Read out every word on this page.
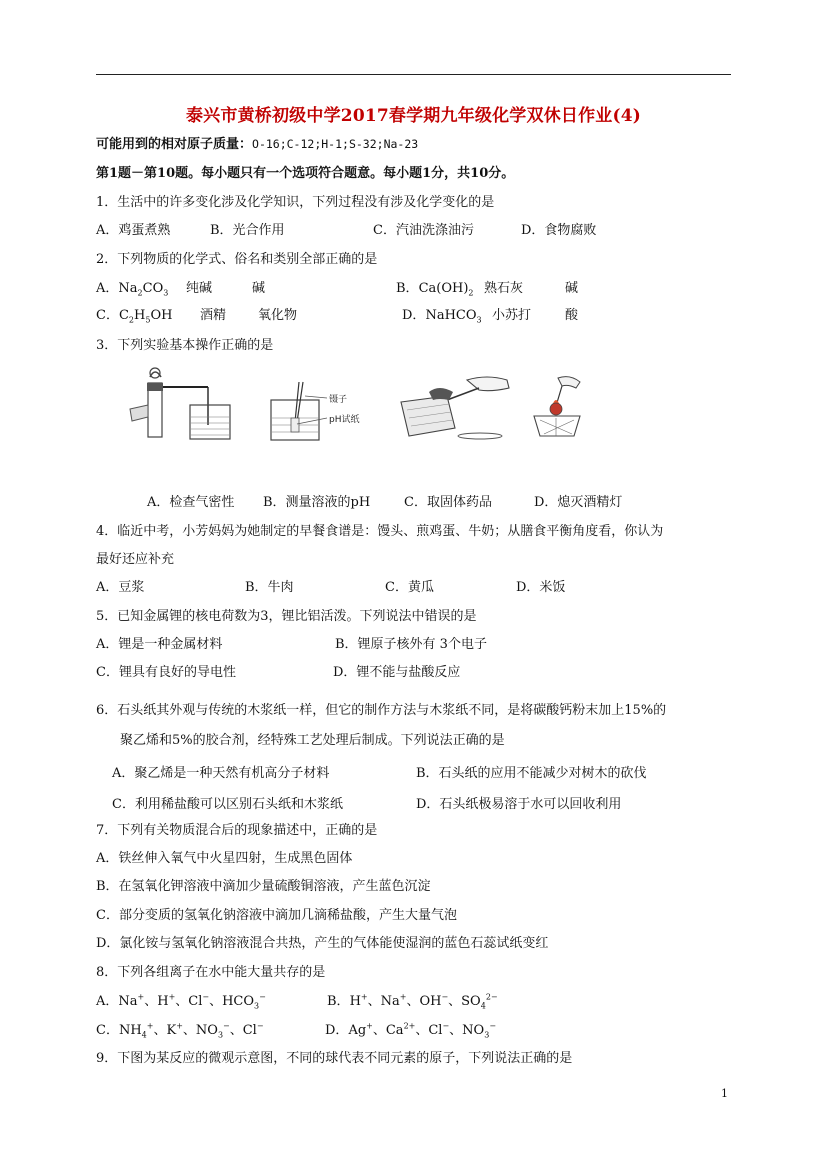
泰兴市黄桥初级中学2017春学期九年级化学双休日作业(4)
可能用到的相对原子质量：O-16;C-12;H-1;S-32;Na-23
第1题－第10题。每小题只有一个选项符合题意。每小题1分，共10分。
1．生活中的许多变化涉及化学知识，下列过程没有涉及化学变化的是
A．鸡蛋煮熟	B．光合作用	C．汽油洗涤油污	D．食物腐败
2．下列物质的化学式、俗名和类别全部正确的是
A．$Na_2CO_3$ 纯碱	碱	B．$Ca(OH)_2$ 熟石灰	碱
C．$C_2H_5OH$ 酒精 氧化物	D．NaHCO$_3$ 小苏打	酸
3．下列实验基本操作正确的是
镊子
pH试纸
A．检查气密性 B．测量溶液的pH	C．取固体药品	D．熄灭酒精灯
4．临近中考，小芳妈妈为她制定的早餐食谱是：馒头、煎鸡蛋、牛奶；从膳食平衡角度看，你认为
最好还应补充
A．豆浆	B．牛肉	C．黄瓜	D．米饭
5．已知金属锂的核电荷数为3，锂比铝活泼。下列说法中错误的是
A．锂是一种金属材料	B．锂原子核外有 3个电子
C．锂具有良好的导电性	D．锂不能与盐酸反应
6．石头纸其外观与传统的木浆纸一样，但它的制作方法与木浆纸不同，是将碳酸钙粉末加上15%的
聚乙烯和5%的胶合剂，经特殊工艺处理后制成。下列说法正确的是
A．聚乙烯是一种天然有机高分子材料	B．石头纸的应用不能减少对树木的砍伐
C．利用稀盐酸可以区别石头纸和木浆纸	D．石头纸极易溶于水可以回收利用
7．下列有关物质混合后的现象描述中，正确的是
A．铁丝伸入氧气中火星四射，生成黑色固体
B．在氢氧化钾溶液中滴加少量硫酸铜溶液，产生蓝色沉淀
C．部分变质的氢氧化钠溶液中滴加几滴稀盐酸，产生大量气泡
D．氯化铵与氢氧化钠溶液混合共热，产生的气体能使湿润的蓝色石蕊试纸变红
8．下列各组离子在水中能大量共存的是
A．Na+、H+、Cl−、$HCO_3^-$	B．H+、Na+、OH−、$SO_4^{2-}$
C．$NH_4^+$、K+、$NO_3^-$、Cl−	D．Ag+、$Ca^{2+}$、Cl−、$NO_3^-$
9．下图为某反应的微观示意图，不同的球代表不同元素的原子，下列说法正确的是
1
